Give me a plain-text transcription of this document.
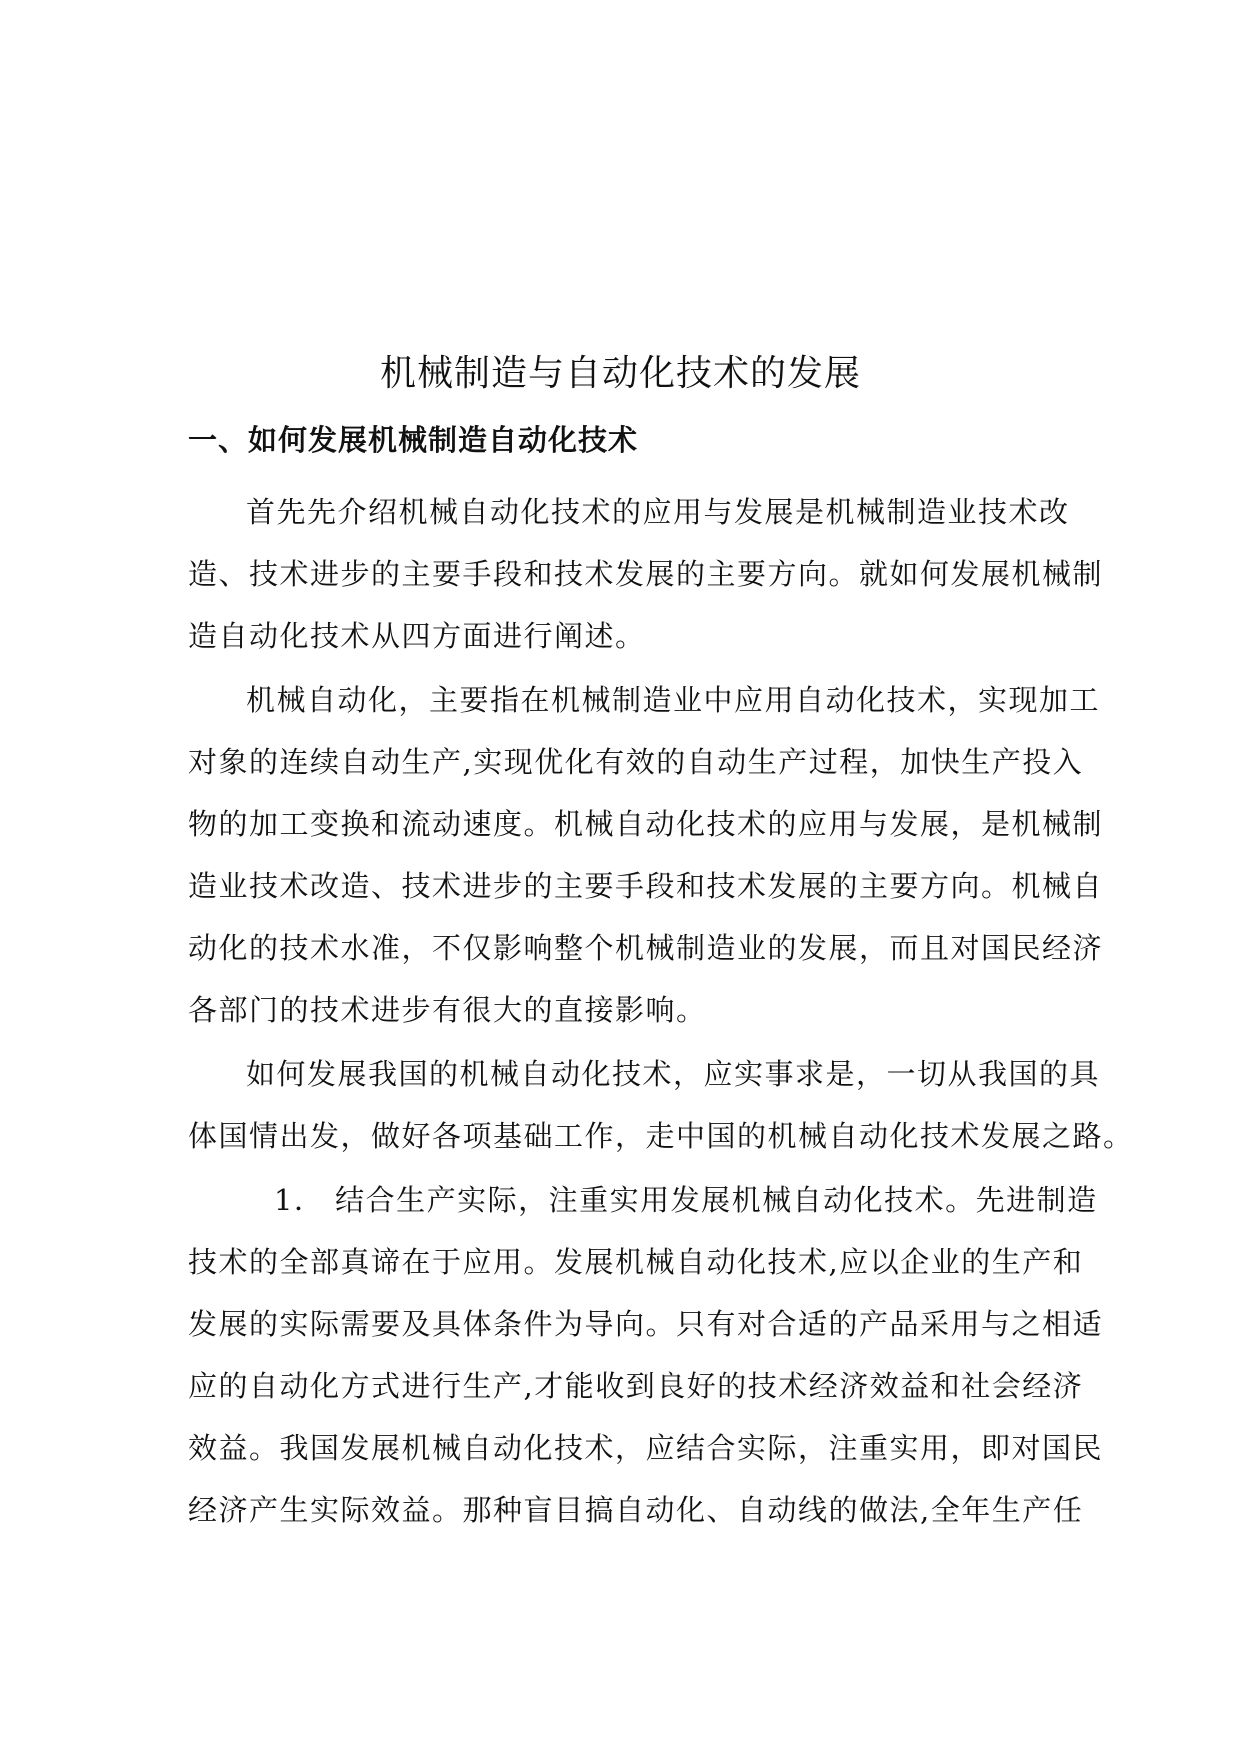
机械制造与自动化技术的发展
一、如何发展机械制造自动化技术
首先先介绍机械自动化技术的应用与发展是机械制造业技术改
造、技术进步的主要手段和技术发展的主要方向。就如何发展机械制
造自动化技术从四方面进行阐述。
机械自动化，主要指在机械制造业中应用自动化技术，实现加工
对象的连续自动生产,实现优化有效的自动生产过程，加快生产投入
物的加工变换和流动速度。机械自动化技术的应用与发展，是机械制
造业技术改造、技术进步的主要手段和技术发展的主要方向。机械自
动化的技术水准，不仅影响整个机械制造业的发展，而且对国民经济
各部门的技术进步有很大的直接影响。
如何发展我国的机械自动化技术，应实事求是，一切从我国的具
体国情出发，做好各项基础工作，走中国的机械自动化技术发展之路。
1． 结合生产实际，注重实用发展机械自动化技术。先进制造
技术的全部真谛在于应用。发展机械自动化技术,应以企业的生产和
发展的实际需要及具体条件为导向。只有对合适的产品采用与之相适
应的自动化方式进行生产,才能收到良好的技术经济效益和社会经济
效益。我国发展机械自动化技术，应结合实际，注重实用，即对国民
经济产生实际效益。那种盲目搞自动化、自动线的做法,全年生产任
